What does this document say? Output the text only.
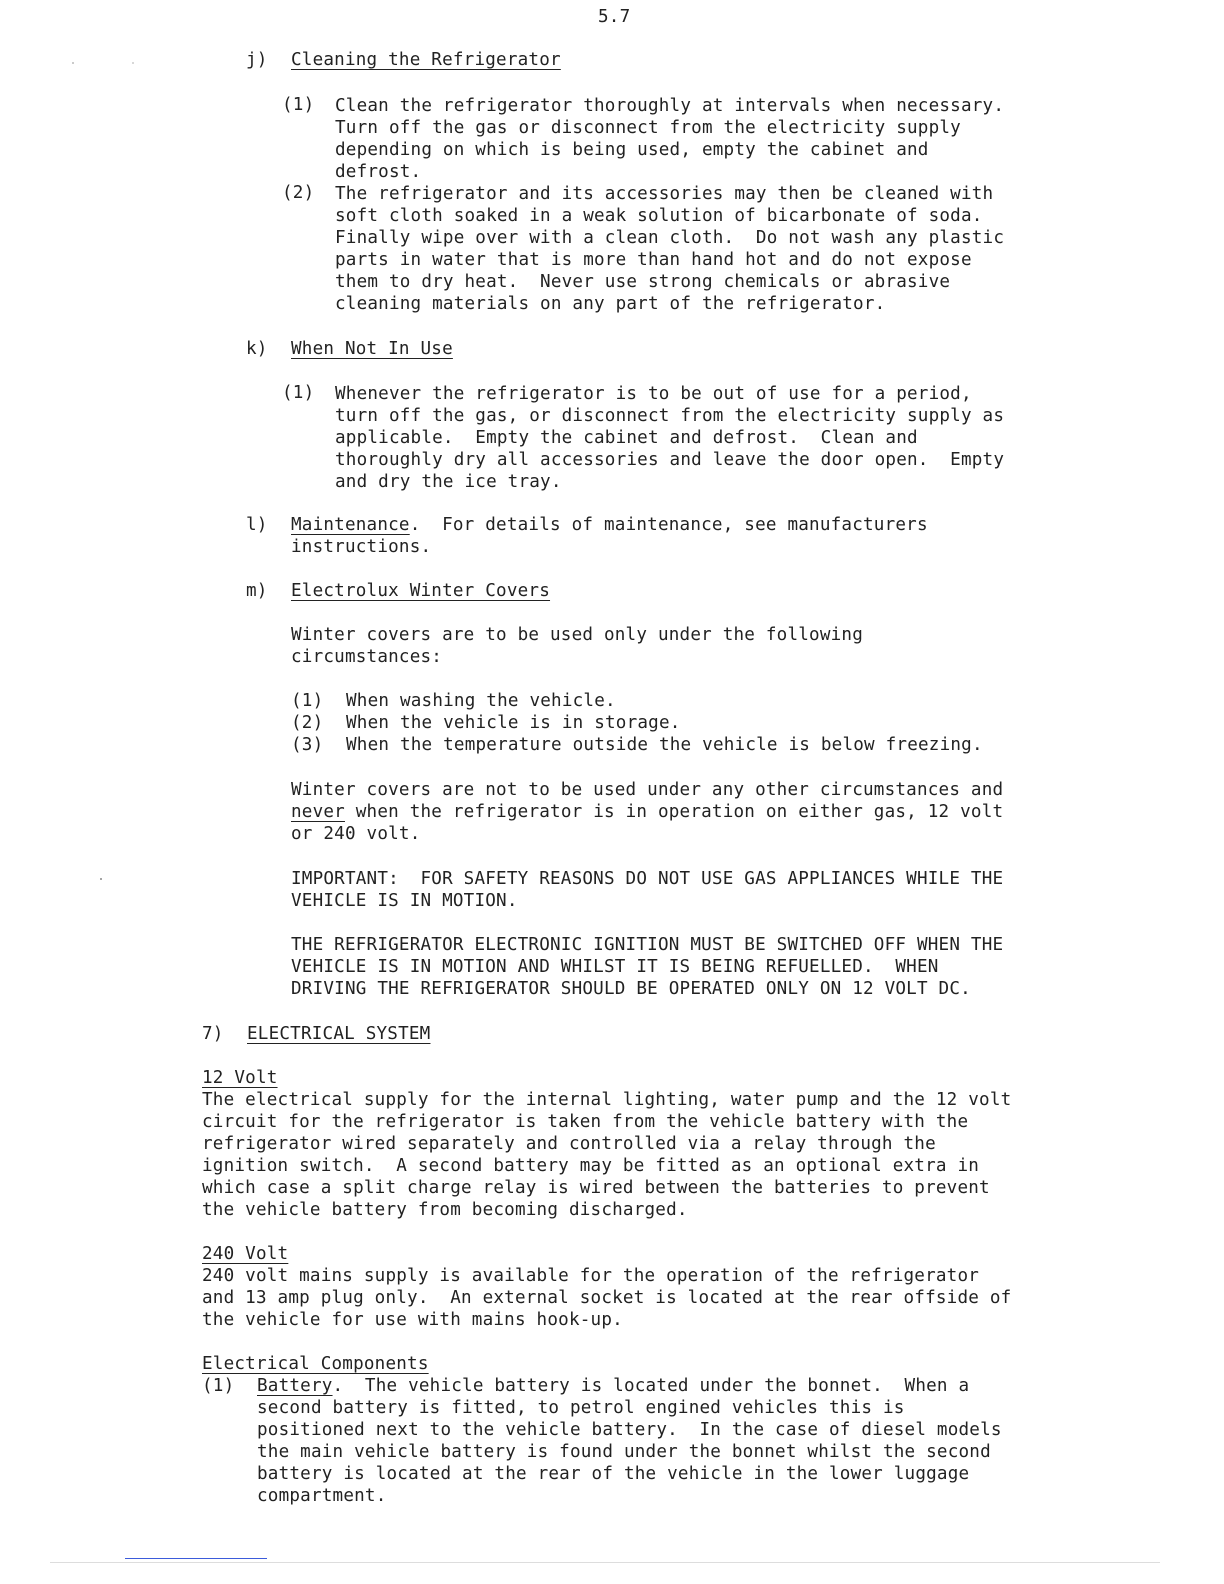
5.7
j) Cleaning the Refrigerator
(1) Clean the refrigerator thoroughly at intervals when necessary.
Turn off the gas or disconnect from the electricity supply
depending on which is being used, empty the cabinet and
defrost.
(2) The refrigerator and its accessories may then be cleaned with
soft cloth soaked in a weak solution of bicarbonate of soda.
Finally wipe over with a clean cloth.  Do not wash any plastic
parts in water that is more than hand hot and do not expose
them to dry heat.  Never use strong chemicals or abrasive
cleaning materials on any part of the refrigerator.
k) When Not In Use
(1) Whenever the refrigerator is to be out of use for a period,
turn off the gas, or disconnect from the electricity supply as
applicable.  Empty the cabinet and defrost.  Clean and
thoroughly dry all accessories and leave the door open.  Empty
and dry the ice tray.
l) Maintenance.  For details of maintenance, see manufacturers
instructions.
m) Electrolux Winter Covers
Winter covers are to be used only under the following
circumstances:
(1) When washing the vehicle.
(2) When the vehicle is in storage.
(3) When the temperature outside the vehicle is below freezing.
Winter covers are not to be used under any other circumstances and
never when the refrigerator is in operation on either gas, 12 volt
or 240 volt.
IMPORTANT:  FOR SAFETY REASONS DO NOT USE GAS APPLIANCES WHILE THE
VEHICLE IS IN MOTION.
THE REFRIGERATOR ELECTRONIC IGNITION MUST BE SWITCHED OFF WHEN THE
VEHICLE IS IN MOTION AND WHILST IT IS BEING REFUELLED.  WHEN
DRIVING THE REFRIGERATOR SHOULD BE OPERATED ONLY ON 12 VOLT DC.
7) ELECTRICAL SYSTEM
12 Volt
The electrical supply for the internal lighting, water pump and the 12 volt
circuit for the refrigerator is taken from the vehicle battery with the
refrigerator wired separately and controlled via a relay through the
ignition switch.  A second battery may be fitted as an optional extra in
which case a split charge relay is wired between the batteries to prevent
the vehicle battery from becoming discharged.
240 Volt
240 volt mains supply is available for the operation of the refrigerator
and 13 amp plug only.  An external socket is located at the rear offside of
the vehicle for use with mains hook-up.
Electrical Components
(1) Battery.  The vehicle battery is located under the bonnet.  When a
second battery is fitted, to petrol engined vehicles this is
positioned next to the vehicle battery.  In the case of diesel models
the main vehicle battery is found under the bonnet whilst the second
battery is located at the rear of the vehicle in the lower luggage
compartment.
